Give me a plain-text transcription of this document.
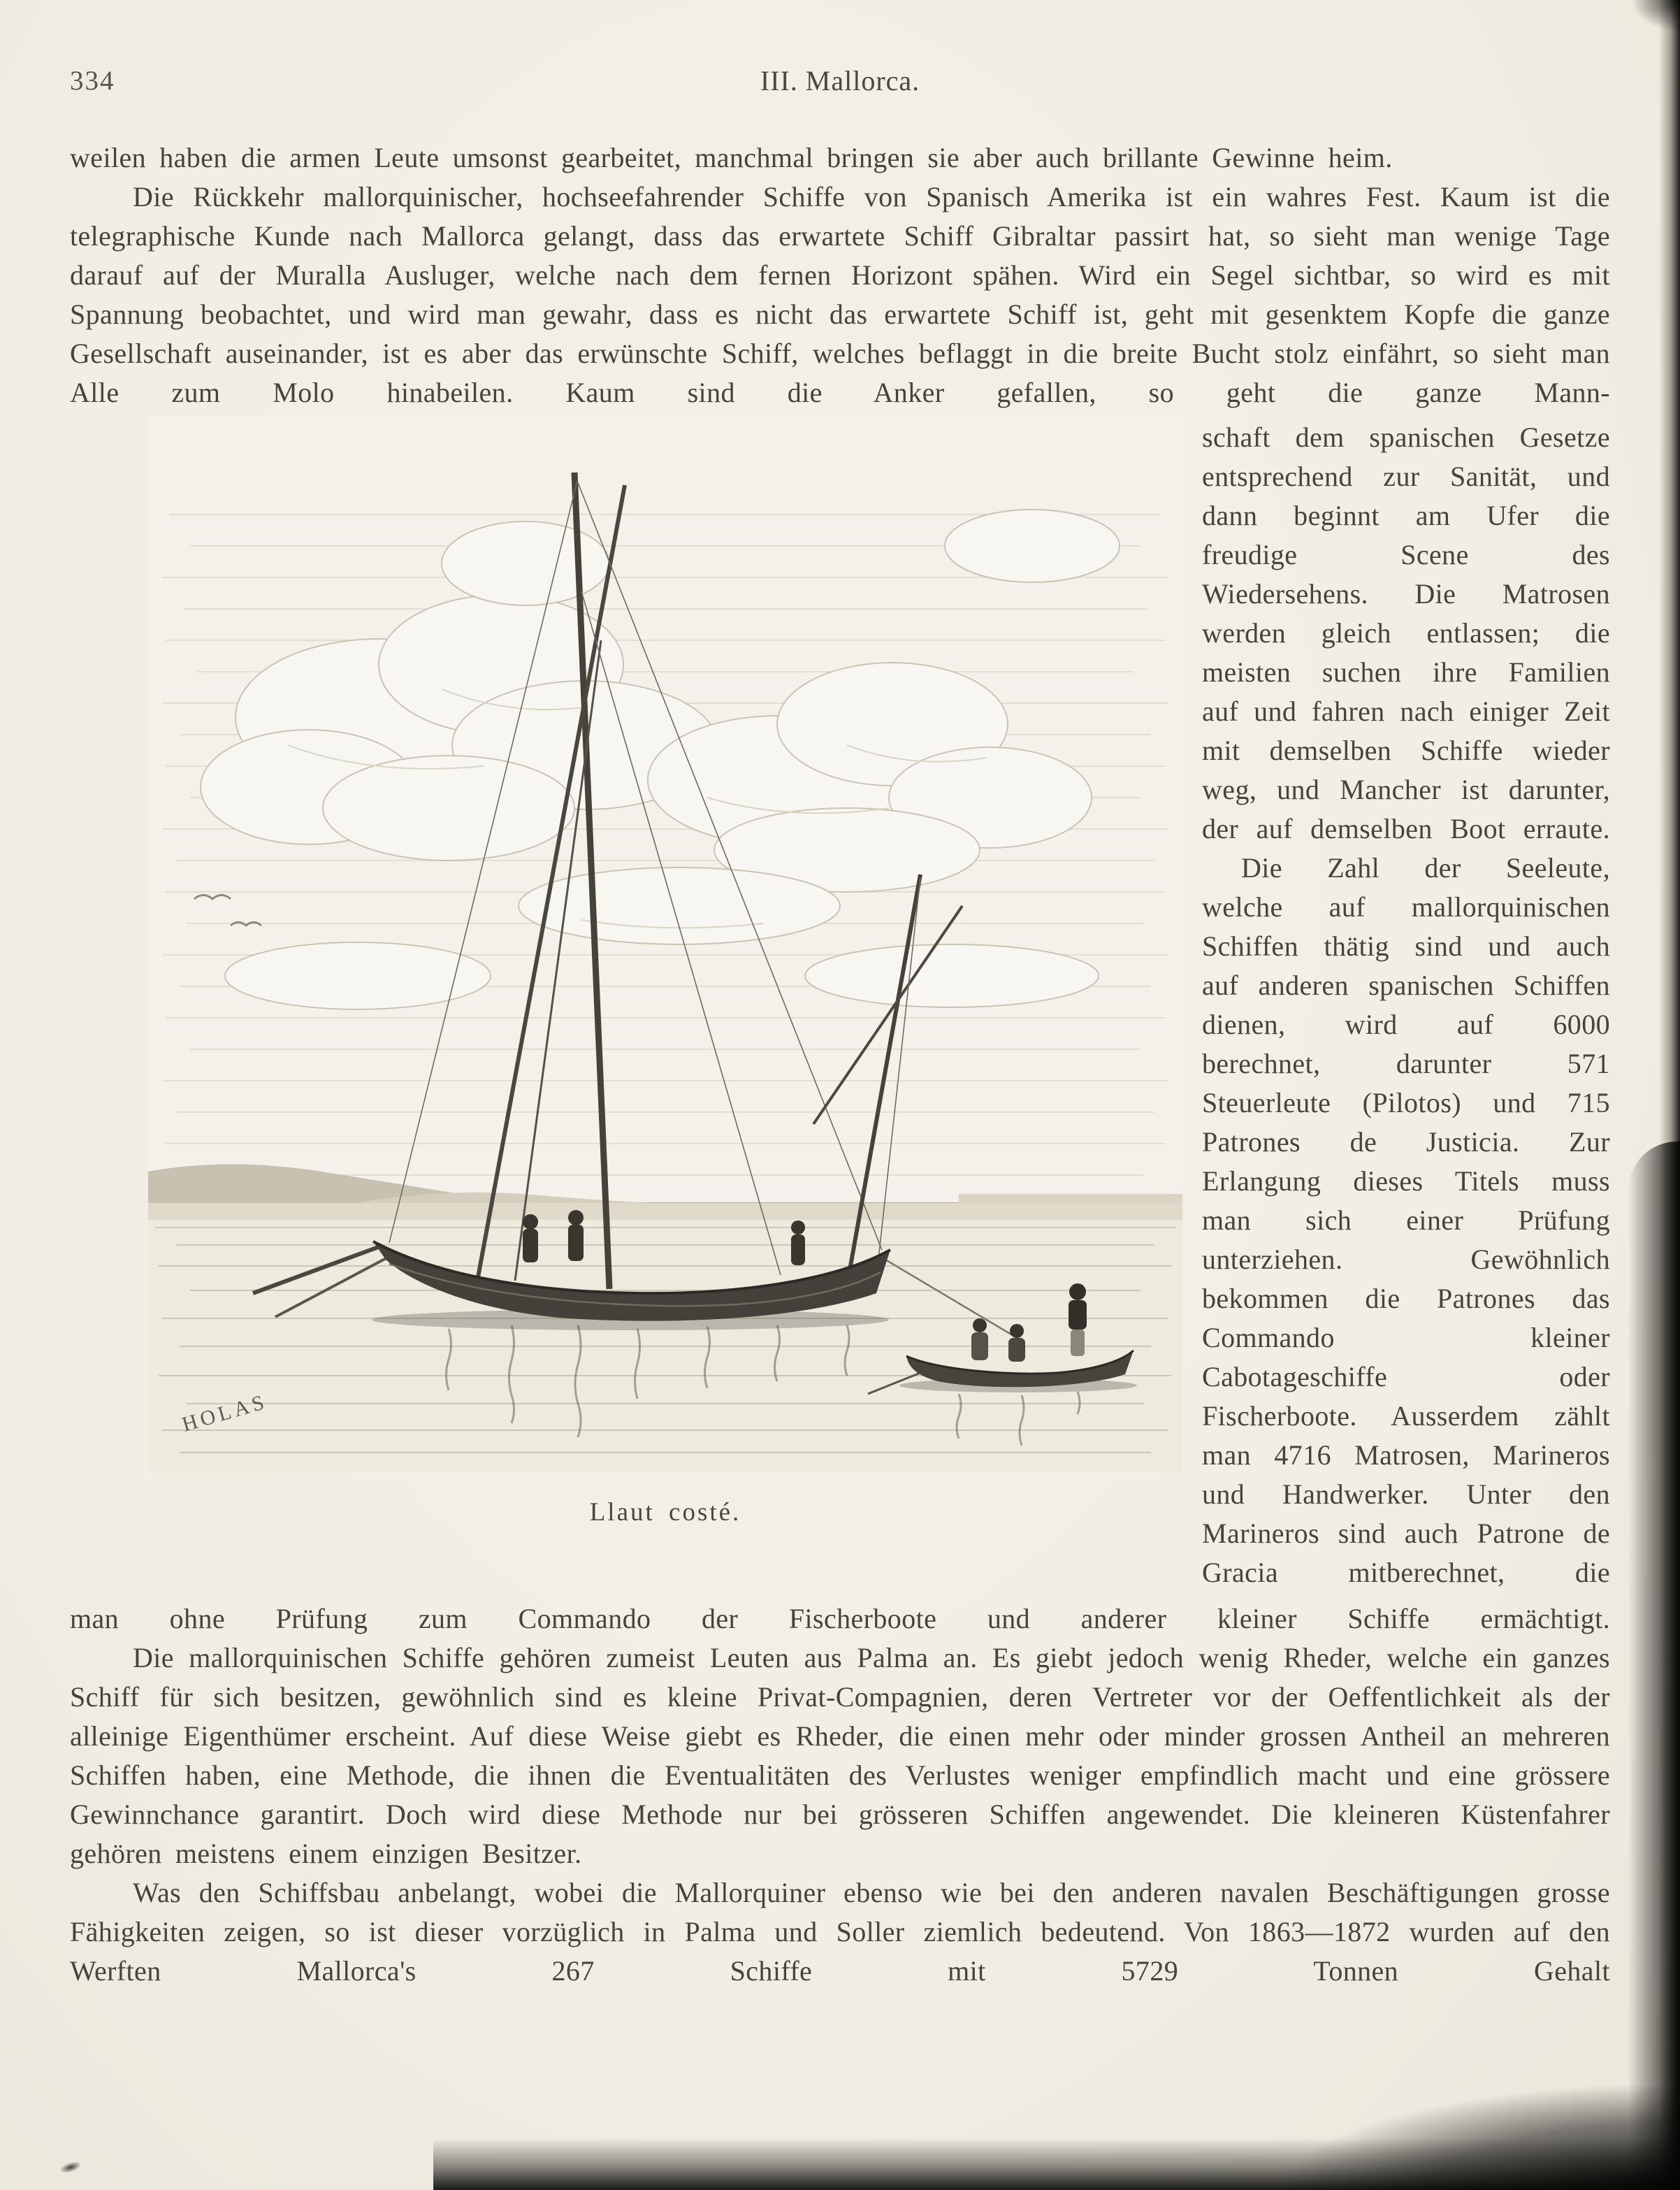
334	III. Mallorca.

weilen haben die armen Leute umsonst gearbeitet, manchmal bringen sie aber auch brillante Gewinne heim.

Die Rückkehr mallorquinischer, hochseefahrender Schiffe von Spanisch Amerika ist ein wahres Fest. Kaum ist die telegraphische Kunde nach Mallorca gelangt, dass das erwartete Schiff Gibraltar passirt hat, so sieht man wenige Tage darauf auf der Muralla Ausluger, welche nach dem fernen Horizont spähen. Wird ein Segel sichtbar, so wird es mit Spannung beobachtet, und wird man gewahr, dass es nicht das erwartete Schiff ist, geht mit gesenktem Kopfe die ganze Gesellschaft auseinander, ist es aber das erwünschte Schiff, welches beflaggt in die breite Bucht stolz einfährt, so sieht man Alle zum Molo hinabeilen. Kaum sind die Anker gefallen, so geht die ganze Mann-

HOLAS
Llaut costé.

schaft dem spanischen Gesetze entsprechend zur Sanität, und dann beginnt am Ufer die freudige Scene des Wiedersehens. Die Matrosen werden gleich entlassen; die meisten suchen ihre Familien auf und fahren nach einiger Zeit mit demselben Schiffe wieder weg, und Mancher ist darunter, der auf demselben Boot erraute.

Die Zahl der Seeleute, welche auf mallorquinischen Schiffen thätig sind und auch auf anderen spanischen Schiffen dienen, wird auf 6000 berechnet, darunter 571 Steuerleute (Pilotos) und 715 Patrones de Justicia. Zur Erlangung dieses Titels muss man sich einer Prüfung unterziehen. Gewöhnlich bekommen die Patrones das Commando kleiner Cabotageschiffe oder Fischerboote. Ausserdem zählt man 4716 Matrosen, Marineros und Handwerker. Unter den Marineros sind auch Patrone de Gracia mitberechnet, die

man ohne Prüfung zum Commando der Fischerboote und anderer kleiner Schiffe ermächtigt.

Die mallorquinischen Schiffe gehören zumeist Leuten aus Palma an. Es giebt jedoch wenig Rheder, welche ein ganzes Schiff für sich besitzen, gewöhnlich sind es kleine Privat-Compagnien, deren Vertreter vor der Oeffentlichkeit als der alleinige Eigenthümer erscheint. Auf diese Weise giebt es Rheder, die einen mehr oder minder grossen Antheil an mehreren Schiffen haben, eine Methode, die ihnen die Eventualitäten des Verlustes weniger empfindlich macht und eine grössere Gewinnchance garantirt. Doch wird diese Methode nur bei grösseren Schiffen angewendet. Die kleineren Küstenfahrer gehören meistens einem einzigen Besitzer.

Was den Schiffsbau anbelangt, wobei die Mallorquiner ebenso wie bei den anderen navalen Beschäftigungen grosse Fähigkeiten zeigen, so ist dieser vorzüglich in Palma und Soller ziemlich bedeutend. Von 1863—1872 wurden auf den Werften Mallorca's 267 Schiffe mit 5729 Tonnen Gehalt
